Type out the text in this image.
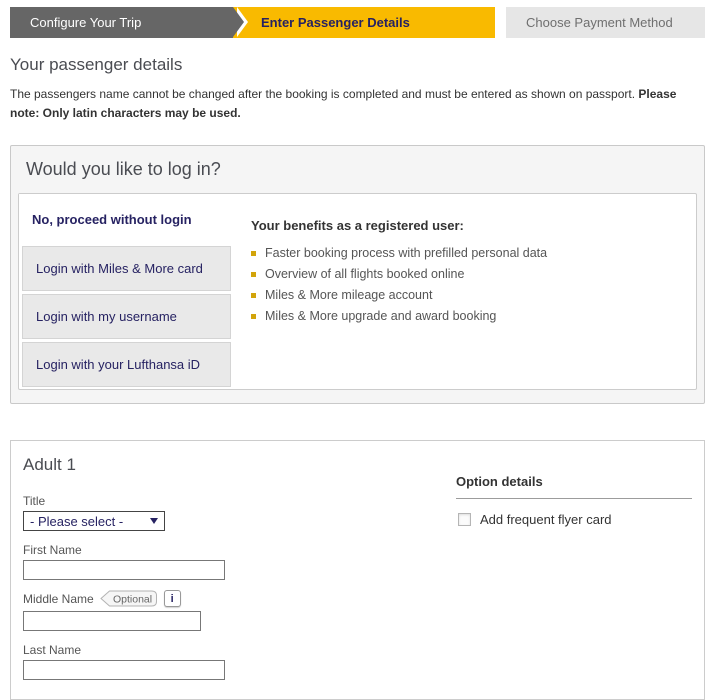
Configure Your Trip	Enter Passenger Details	Choose Payment Method
Your passenger details

The passengers name cannot be changed after the booking is completed and must be entered as shown on passport. Please note: Only latin characters may be used.

Would you like to log in?
No, proceed without login
Login with Miles & More card
Login with my username
Login with your Lufthansa iD
Your benefits as a registered user:
Faster booking process with prefilled personal data
Overview of all flights booked online
Miles & More mileage account
Miles & More upgrade and award booking
Adult 1
Title
- Please select -
First Name
Middle Name Optional	i
Last Name
Option details
Add frequent flyer card
